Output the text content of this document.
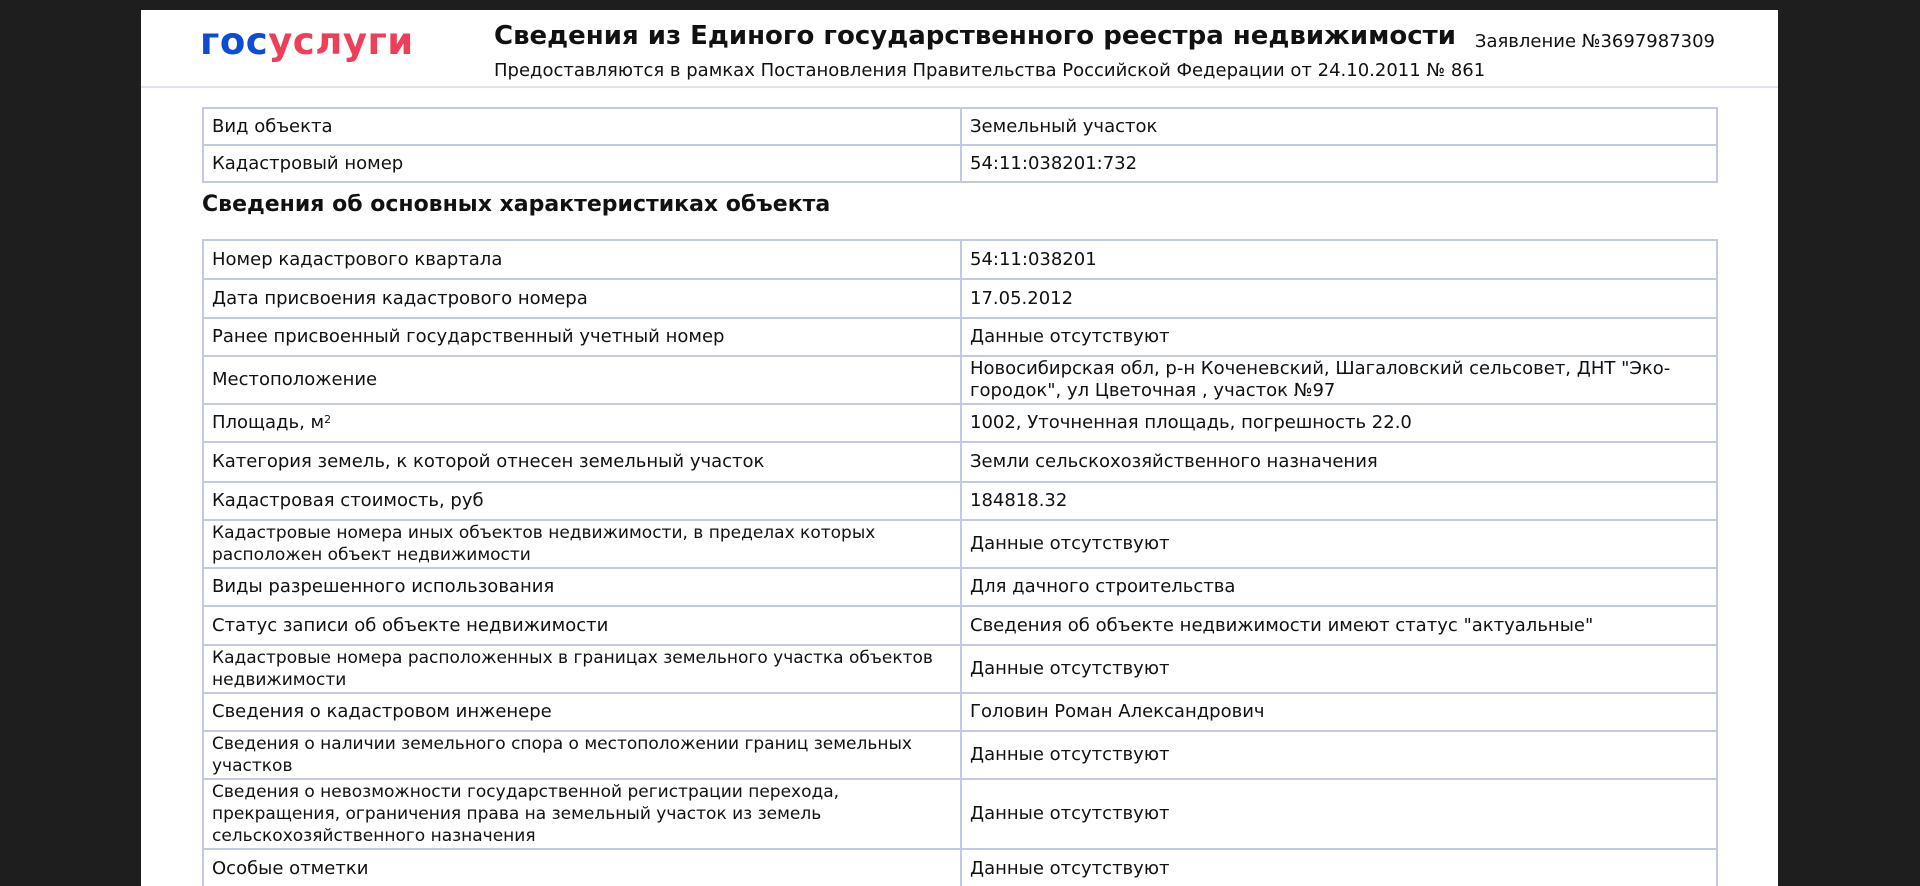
госуслуги	Сведения из Единого государственного реестра недвижимости
Предоставляются в рамках Постановления Правительства Российской Федерации от 24.10.2011 № 861
Заявление №3697987309
Вид объекта	Земельный участок
Кадастровый номер	54:11:038201:732
Сведения об основных характеристиках объекта
Номер кадастрового квартала	54:11:038201
Дата присвоения кадастрового номера	17.05.2012
Ранее присвоенный государственный учетный номер	Данные отсутствуют
Местоположение	Новосибирская обл, р-н Коченевский, Шагаловский сельсовет, ДНТ "Эко-городок", ул Цветочная , участок №97
Площадь, $м^2$	1002, Уточненная площадь, погрешность 22.0
Категория земель, к которой отнесен земельный участок	Земли сельскохозяйственного назначения
Кадастровая стоимость, руб	184818.32
Кадастровые номера иных объектов недвижимости, в пределах которых расположен объект недвижимости	Данные отсутствуют
Виды разрешенного использования	Для дачного строительства
Статус записи об объекте недвижимости	Сведения об объекте недвижимости имеют статус "актуальные"
Кадастровые номера расположенных в границах земельного участка объектов недвижимости	Данные отсутствуют
Сведения о кадастровом инженере	Головин Роман Александрович
Сведения о наличии земельного спора о местоположении границ земельных участков	Данные отсутствуют
Сведения о невозможности государственной регистрации перехода, прекращения, ограничения права на земельный участок из земель сельскохозяйственного назначения	Данные отсутствуют
Особые отметки	Данные отсутствуют
